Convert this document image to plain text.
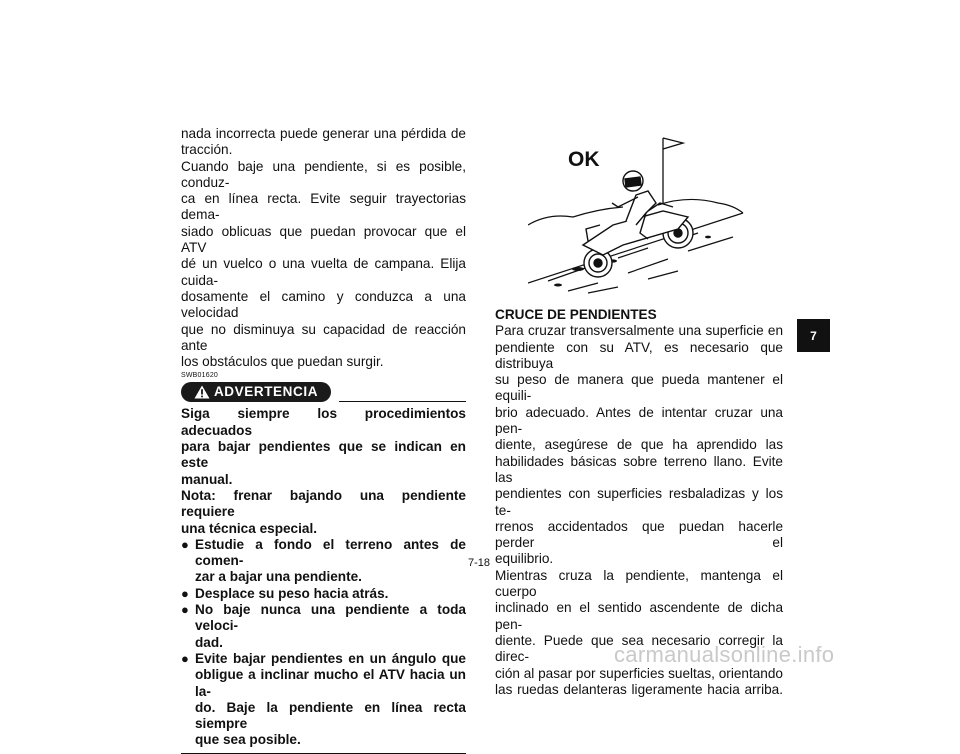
nada incorrecta puede generar una pérdida de

tracción.

Cuando baje una pendiente, si es posible, conduz-

ca en línea recta. Evite seguir trayectorias dema-

siado oblicuas que puedan provocar que el ATV

dé un vuelco o una vuelta de campana. Elija cuida-

dosamente el camino y conduzca a una velocidad

que no disminuya su capacidad de reacción ante

los obstáculos que puedan surgir.

SWB01620
ADVERTENCIA

Siga siempre los procedimientos adecuados

para bajar pendientes que se indican en este

manual.

Nota: frenar bajando una pendiente requiere

una técnica especial.

● Estudie a fondo el terreno antes de comen-

zar a bajar una pendiente.

● Desplace su peso hacia atrás.

● No baje nunca una pendiente a toda veloci-

dad.

● Evite bajar pendientes en un ángulo que

obligue a inclinar mucho el ATV hacia un la-

do. Baje la pendiente en línea recta siempre

que sea posible.

OK

CRUCE DE PENDIENTES

Para cruzar transversalmente una superficie en

pendiente con su ATV, es necesario que distribuya

su peso de manera que pueda mantener el equili-

brio adecuado. Antes de intentar cruzar una pen-

diente, asegúrese de que ha aprendido las

habilidades básicas sobre terreno llano. Evite las

pendientes con superficies resbaladizas y los te-

rrenos accidentados que puedan hacerle perder el

equilibrio.

Mientras cruza la pendiente, mantenga el cuerpo

inclinado en el sentido ascendente de dicha pen-

diente. Puede que sea necesario corregir la direc-

ción al pasar por superficies sueltas, orientando

las ruedas delanteras ligeramente hacia arriba.

7
7-18
carmanualsonline.info
